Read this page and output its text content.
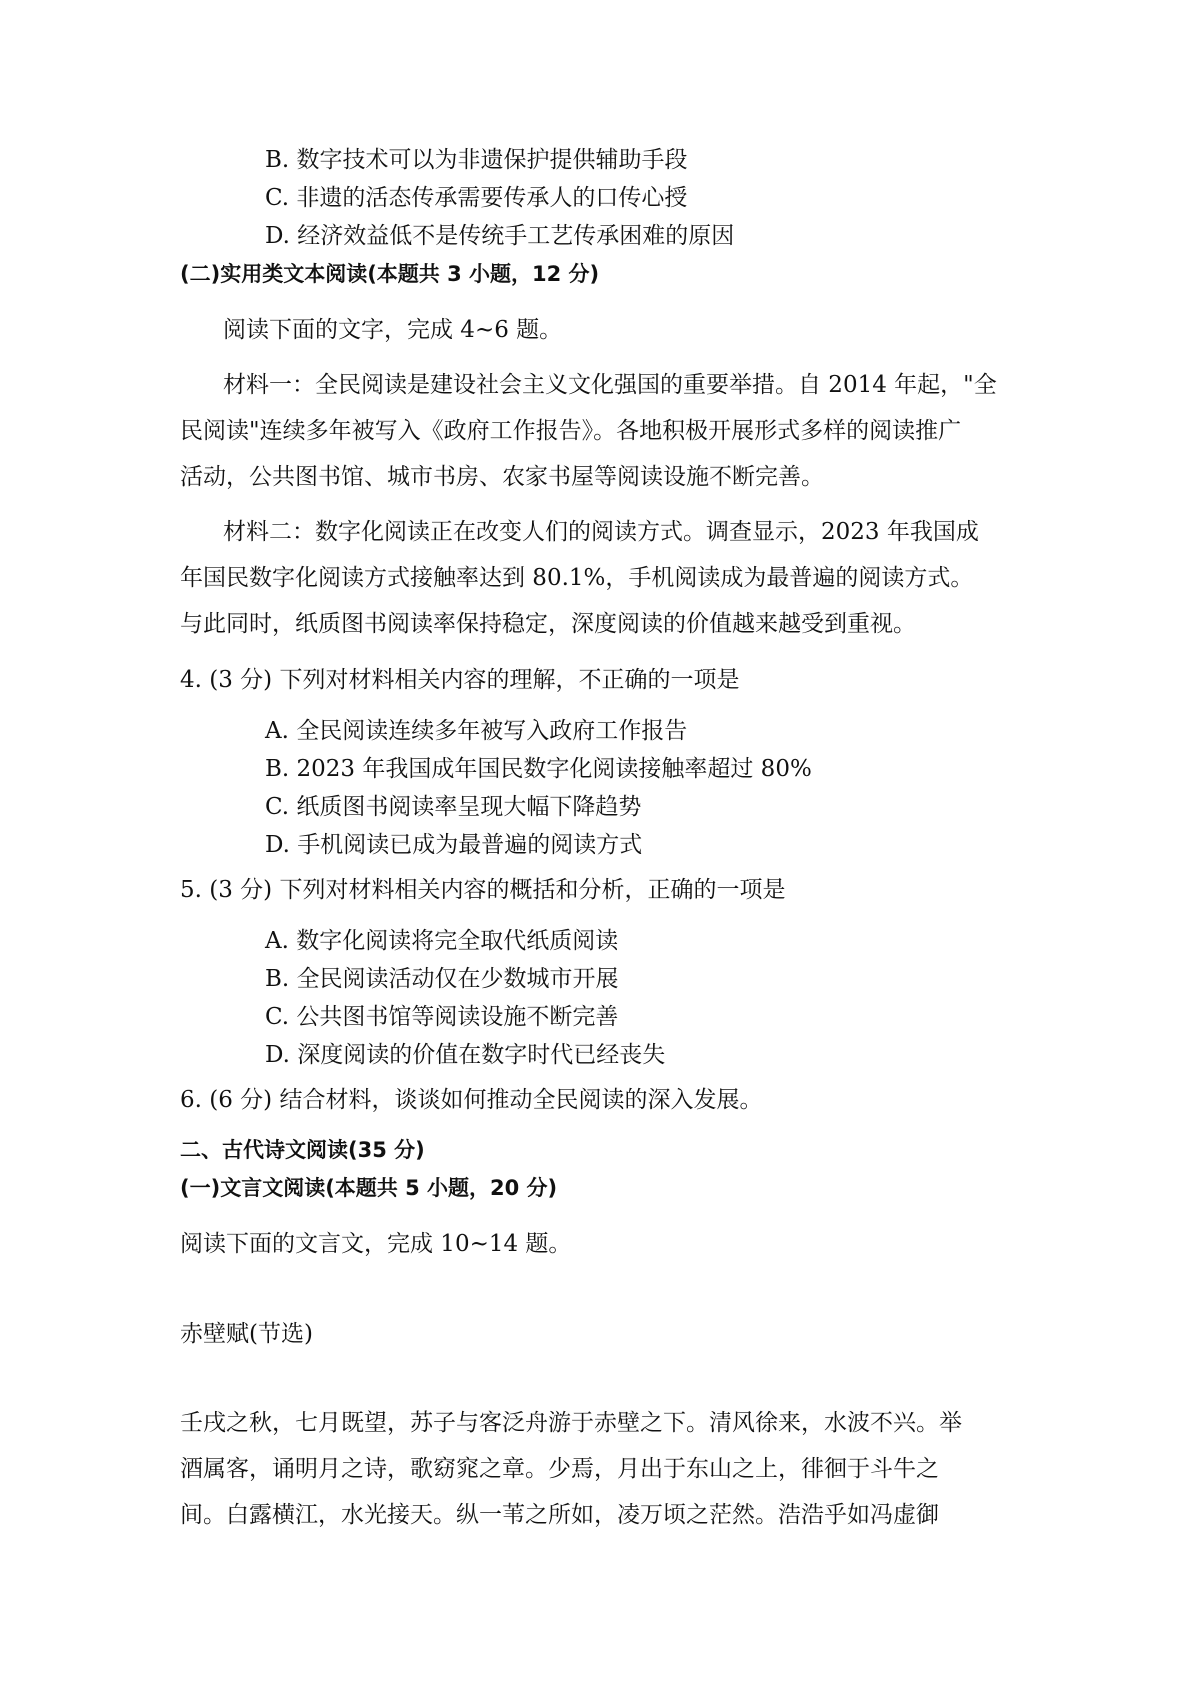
B. 数字技术可以为非遗保护提供辅助手段
C. 非遗的活态传承需要传承人的口传心授
D. 经济效益低不是传统手工艺传承困难的原因
(二)实用类文本阅读(本题共 3 小题，12 分)
阅读下面的文字，完成 4~6 题。
材料一：全民阅读是建设社会主义文化强国的重要举措。自 2014 年起，"全
民阅读"连续多年被写入《政府工作报告》。各地积极开展形式多样的阅读推广
活动，公共图书馆、城市书房、农家书屋等阅读设施不断完善。
材料二：数字化阅读正在改变人们的阅读方式。调查显示，2023 年我国成
年国民数字化阅读方式接触率达到 80.1%，手机阅读成为最普遍的阅读方式。
与此同时，纸质图书阅读率保持稳定，深度阅读的价值越来越受到重视。
4. (3 分) 下列对材料相关内容的理解，不正确的一项是
A. 全民阅读连续多年被写入政府工作报告
B. 2023 年我国成年国民数字化阅读接触率超过 80%
C. 纸质图书阅读率呈现大幅下降趋势
D. 手机阅读已成为最普遍的阅读方式
5. (3 分) 下列对材料相关内容的概括和分析，正确的一项是
A. 数字化阅读将完全取代纸质阅读
B. 全民阅读活动仅在少数城市开展
C. 公共图书馆等阅读设施不断完善
D. 深度阅读的价值在数字时代已经丧失
6. (6 分) 结合材料，谈谈如何推动全民阅读的深入发展。
二、古代诗文阅读(35 分)
(一)文言文阅读(本题共 5 小题，20 分)
阅读下面的文言文，完成 10~14 题。
赤壁赋(节选)
壬戌之秋，七月既望，苏子与客泛舟游于赤壁之下。清风徐来，水波不兴。举
酒属客，诵明月之诗，歌窈窕之章。少焉，月出于东山之上，徘徊于斗牛之
间。白露横江，水光接天。纵一苇之所如，凌万顷之茫然。浩浩乎如冯虚御
